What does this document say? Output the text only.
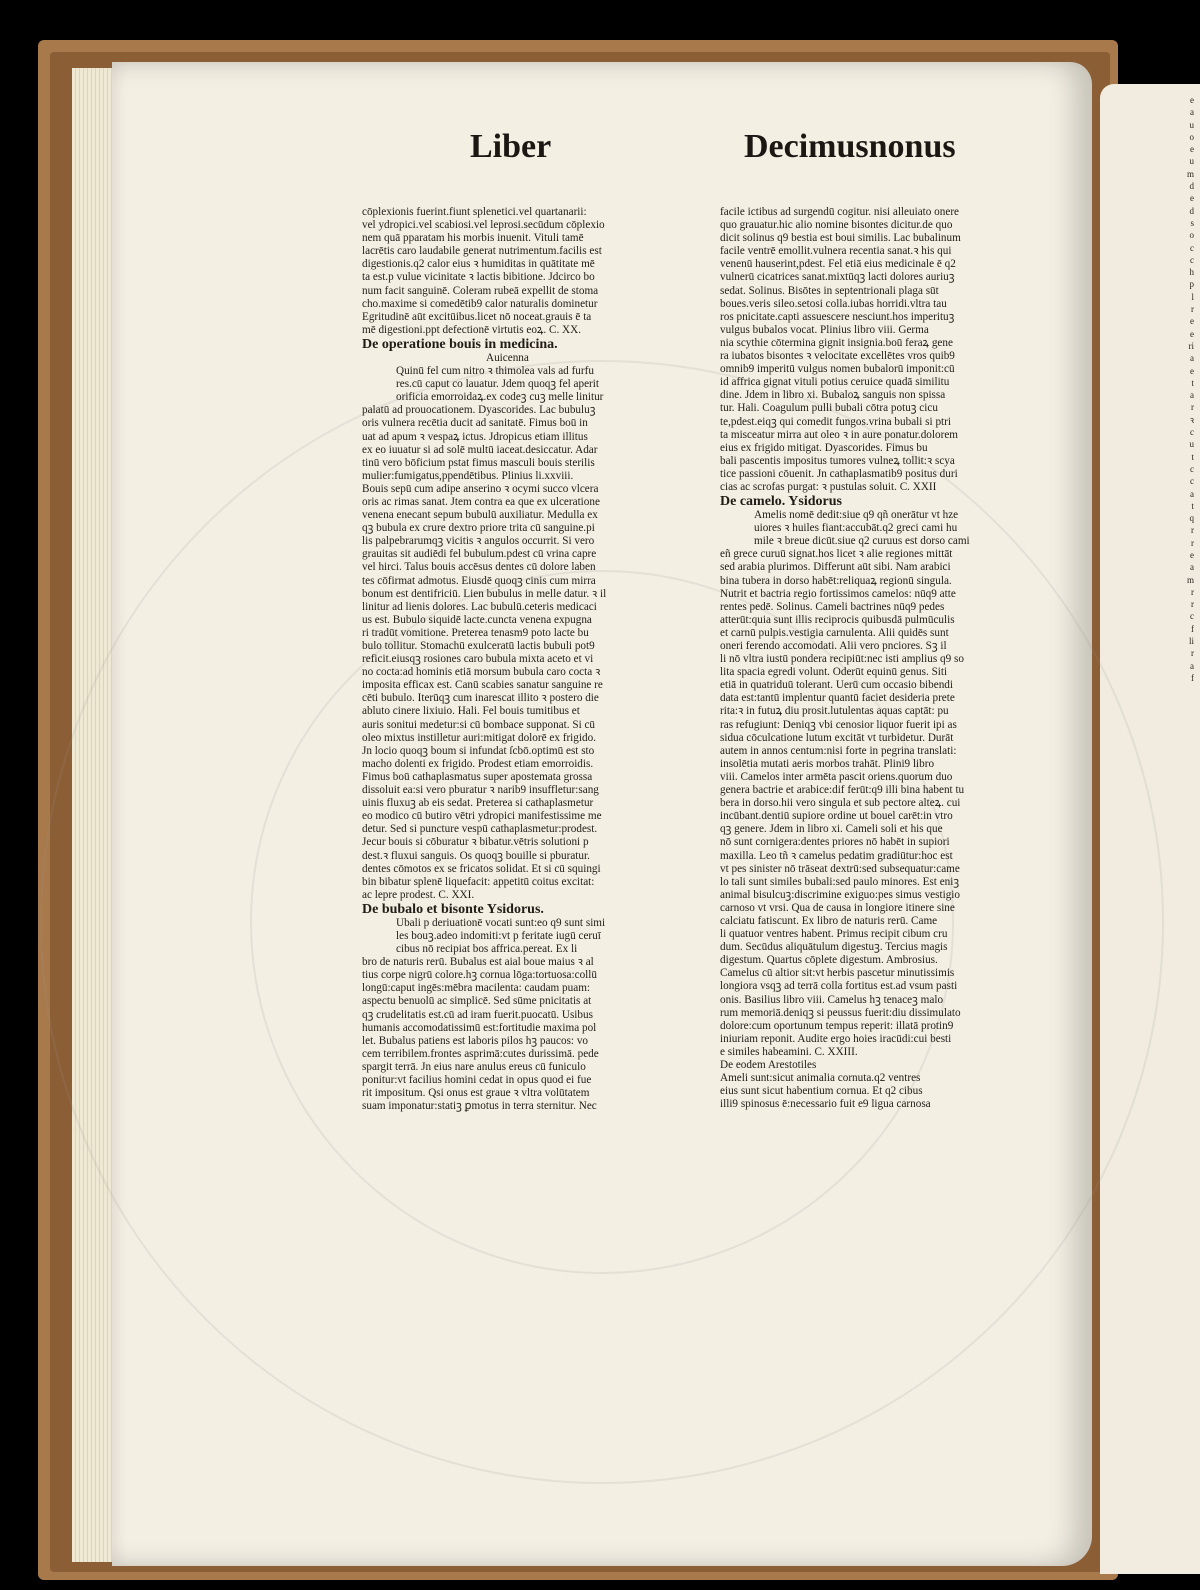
e
a
u
o
e
u
m
d
e
d
s
o
c
c
h
p
l
r
e
e
ri
a
e
t
a
r
ꝛ
c
u
t
c
c
a
t
q
r
r
e
a
m
r
r
c
f
li
r
a
f
Liber	Decimusnonus
cōplexionis fuerint.fiunt splenetici.vel quartanarii:
vel ydropici.vel scabiosi.vel leprosi.secūdum cōplexio
nem quā pparatam his morbis inuenit. Vituli tamē
lacrētis caro laudabile generat nutrimentum.facilis est
digestionis.q2 calor eius ꝛ humiditas in quātitate mē
ta est.p vulue vicinitate ꝛ lactis bibitione. Jdcirco bo
num facit sanguinē. Coleram rubeā expellit de stoma
cho.maxime si comedētib9 calor naturalis dominetur
Egritudinē aūt excitūibus.licet nō noceat.grauis ē ta
mē digestioni.ppt defectionē virtutis eoꝝ. C. XX.
De operatione bouis in medicina.
Auicenna
Quinū fel cum nitro ꝛ thimolea vals ad furfu
res.cū caput co lauatur. Jdem quoqꝫ fel aperit
orificia emorroidaꝝ.ex codeꝫ cuꝫ melle linitur
palatū ad prouocationem. Dyascorides. Lac bubuluꝫ
oris vulnera recētia ducit ad sanitatē. Fimus boū in
uat ad apum ꝛ vespaꝝ ictus. Jdropicus etiam illitus
ex eo iuuatur si ad solē multū iaceat.desiccatur. Adar
tinū vero bōficium pstat fimus masculi bouis sterilis
mulier:fumigatus,ppendētibus. Plinius li.xxviii.
Bouis sepū cum adipe anserino ꝛ ocymi succo vlcera
oris ac rimas sanat. Jtem contra ea que ex ulceratione
venena enecant sepum bubulū auxiliatur. Medulla ex
qꝫ bubula ex crure dextro priore trita cū sanguine.pi
lis palpebrarumqꝫ vicitis ꝛ angulos occurrit. Si vero
grauitas sit audiēdi fel bubulum.pdest cū vrina capre
vel hirci. Talus bouis accēsus dentes cū dolore laben
tes cōfirmat admotus. Eiusdē quoqꝫ cinis cum mirra
bonum est dentifriciū. Lien bubulus in melle datur. ꝛ il
linitur ad lienis dolores. Lac bubulū.ceteris medicaci
us est. Bubulo siquidē lacte.cuncta venena expugna
ri tradūt vomitione. Preterea tenasm9 poto lacte bu
bulo tollitur. Stomachū exulceratū lactis bubuli pot9
reficit.eiusqꝫ rosiones caro bubula mixta aceto et vi
no cocta:ad hominis etiā morsum bubula caro cocta ꝛ
imposita efficax est. Canū scabies sanatur sanguine re
cēti bubulo. Iterūqꝫ cum inarescat illito ꝛ postero die
abluto cinere lixiuio. Hali. Fel bouis tumitibus et
auris sonitui medetur:si cū bombace supponat. Si cū
oleo mixtus instilletur auri:mitigat dolorē ex frigido.
Jn locio quoqꝫ boum si infundat ſcbō.optimū est sto
macho dolenti ex frigido. Prodest etiam emorroidis.
Fimus boū cathaplasmatus super apostemata grossa
dissoluit ea:si vero pburatur ꝛ narib9 insuffletur:sang
uinis fluxuꝫ ab eis sedat. Preterea si cathaplasmetur
eo modico cū butiro vētri ydropici manifestissime me
detur. Sed si puncture vespū cathaplasmetur:prodest.
Jecur bouis si cōburatur ꝛ bibatur.vētris solutioni p
dest.ꝛ fluxui sanguis. Os quoqꝫ bouille si pburatur.
dentes cōmotos ex se fricatos solidat. Et si cū squingi
bin bibatur splenē liquefacit: appetitū coitus excitat:
ac lepre prodest. C. XXI.
De bubalo et bisonte Ysidorus.
Ubali p deriuationē vocati sunt:eo q9 sunt simi
les bouꝫ.adeo indomiti:vt p feritate iugū ceruī
cibus nō recipiat bos affrica.pereat. Ex li
bro de naturis rerū. Bubalus est aial boue maius ꝛ al
tius corpe nigrū colore.hꝫ cornua lōga:tortuosa:collū
longū:caput ingēs:mēbra macilenta: caudam puam:
aspectu benuolū ac simplicē. Sed sūme pnicitatis at
qꝫ crudelitatis est.cū ad iram fuerit.puocatū. Usibus
humanis accomodatissimū est:fortitudie maxima pol
let. Bubalus patiens est laboris pilos hꝫ paucos: vo
cem terribilem.frontes asprimā:cutes durissimā. pede
spargit terrā. Jn eius nare anulus ereus cū funiculo
ponitur:vt facilius homini cedat in opus quod ei fue
rit impositum. Qsi onus est graue ꝛ vltra volūtatem
suam imponatur:statiꝫ ꝑmotus in terra sternitur. Nec
facile ictibus ad surgendū cogitur. nisi alleuiato onere
quo grauatur.hic alio nomine bisontes dicitur.de quo
dicit solinus q9 bestia est boui similis. Lac bubalinum
facile ventrē emollit.vulnera recentia sanat.ꝛ his qui
venenū hauserint,pdest. Fel etiā eius medicinale ē q2
vulnerū cicatrices sanat.mixtūqꝫ lacti dolores auriuꝫ
sedat. Solinus. Bisōtes in septentrionali plaga sūt
boues.veris sileo.setosi colla.iubas horridi.vltra tau
ros pnicitate.capti assuescere nesciunt.hos imperituꝫ
vulgus bubalos vocat. Plinius libro viii. Germa
nia scythie cōtermina gignit insignia.boū feraꝝ gene
ra iubatos bisontes ꝛ velocitate excellētes vros quib9
omnib9 imperitū vulgus nomen bubalorū imponit:cū
id affrica gignat vituli potius ceruice quadā similitu
dine. Jdem in libro xi. Bubaloꝝ sanguis non spissa
tur. Hali. Coagulum pulli bubali cōtra potuꝫ cicu
te,pdest.eiqꝫ qui comedit fungos.vrina bubali si ptri
ta misceatur mirra aut oleo ꝛ in aure ponatur.dolorem
eius ex frigido mitigat. Dyascorides. Fimus bu
bali pascentis impositus tumores vulneꝝ tollit:ꝛ scya
tice passioni cōuenit. Jn cathaplasmatib9 positus duri
cias ac scrofas purgat: ꝛ pustulas soluit. C. XXII
De camelo. Ysidorus
Amelis nomē dedit:siue q9 qñ onerātur vt hze
uiores ꝛ huiles fiant:accubāt.q2 greci cami hu
mile ꝛ breue dicūt.siue q2 curuus est dorso cami
eñ grece curuū signat.hos licet ꝛ alie regiones mittāt
sed arabia plurimos. Differunt aūt sibi. Nam arabici
bina tubera in dorso habēt:reliquaꝝ regionū singula.
Nutrit et bactria regio fortissimos camelos: nūq9 atte
rentes pedē. Solinus. Cameli bactrines nūq9 pedes
atterūt:quia sunt illis reciprocis quibusdā pulmūculis
et carnū pulpis.vestigia carnulenta. Alii quidēs sunt
oneri ferendo accomodati. Alii vero pnciores. Sꝫ il
li nō vltra iustū pondera recipiūt:nec isti amplius q9 so
lita spacia egredi volunt. Oderūt equinū genus. Siti
etiā in quatriduū tolerant. Uerū cum occasio bibendi
data est:tantū implentur quantū faciet desideria prete
rita:ꝛ in futuꝝ diu prosit.lutulentas aquas captāt: pu
ras refugiunt: Deniqꝫ vbi cenosior liquor fuerit ipi as
sidua cōculcatione lutum excitāt vt turbidetur. Durāt
autem in annos centum:nisi forte in pegrina translati:
insolētia mutati aeris morbos trahāt. Plini9 libro
viii. Camelos inter armēta pascit oriens.quorum duo
genera bactrie et arabice:dif ferūt:q9 illi bina habent tu
bera in dorso.hii vero singula et sub pectore alteꝝ. cui
incūbant.dentiū supiore ordine ut bouel carēt:in vtro
qꝫ genere. Jdem in libro xi. Cameli soli et his que
nō sunt cornigera:dentes priores nō habēt in supiori
maxilla. Leo tñ ꝛ camelus pedatim gradiūtur:hoc est
vt pes sinister nō trāseat dextrū:sed subsequatur:came
lo tali sunt similes bubali:sed paulo minores. Est eniꝫ
animal bisulcuꝫ:discrimine exiguo:pes simus vestigio
carnoso vt vrsi. Qua de causa in longiore itinere sine
calciatu fatiscunt. Ex libro de naturis rerū. Came
li quatuor ventres habent. Primus recipit cibum cru
dum. Secūdus aliquātulum digestuꝫ. Tercius magis
digestum. Quartus cōplete digestum. Ambrosius.
Camelus cū altior sit:vt herbis pascetur minutissimis
longiora vsqꝫ ad terrā colla fortitus est.ad vsum pasti
onis. Basilius libro viii. Camelus hꝫ tenaceꝫ malo
rum memoriā.deniqꝫ si peussus fuerit:diu dissimulato
dolore:cum oportunum tempus reperit: illatā protin9
iniuriam reponit. Audite ergo hoies iracūdi:cui besti
e similes habeamini. C. XXIII.
De eodem Arestotiles
Ameli sunt:sicut animalia cornuta.q2 ventres
eius sunt sicut habentium cornua. Et q2 cibus
illi9 spinosus ē:necessario fuit e9 ligua carnosa
